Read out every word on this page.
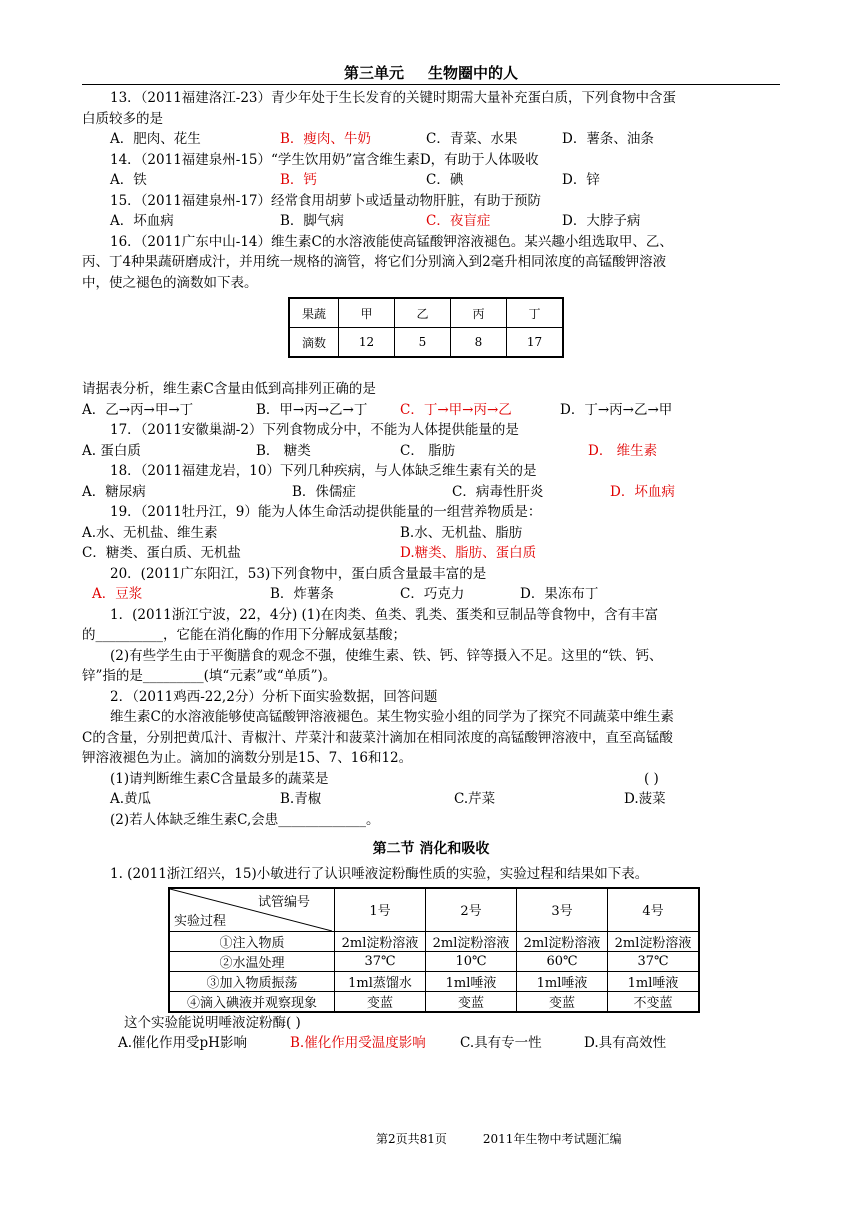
第三单元 生物圈中的人
13．（2011福建洛江-23）青少年处于生长发育的关键时期需大量补充蛋白质，下列食物中含蛋
白质较多的是
A．肥肉、花生	B．瘦肉、牛奶	C．青菜、水果	D．薯条、油条
14．（2011福建泉州-15）“学生饮用奶”富含维生素D，有助于人体吸收
A．铁	B．钙	C．碘	D．锌
15．（2011福建泉州-17）经常食用胡萝卜或适量动物肝脏，有助于预防
A．坏血病	B．脚气病	C．夜盲症	D．大脖子病
16．（2011广东中山-14）维生素C的水溶液能使高锰酸钾溶液褪色。某兴趣小组选取甲、乙、
丙、丁4种果蔬研磨成汁，并用统一规格的滴管，将它们分别滴入到2毫升相同浓度的高锰酸钾溶液
中，使之褪色的滴数如下表。
果蔬	甲	乙	丙	丁
滴数	12	5	8	17
请据表分析，维生素C含量由低到高排列正确的是
A．乙→丙→甲→丁	B．甲→丙→乙→丁 C．丁→甲→丙→乙	D．丁→丙→乙→甲
17．（2011安徽巢湖-2）下列食物成分中，不能为人体提供能量的是
A. 蛋白质	B． 糖类	C． 脂肪	D． 维生素
18．（2011福建龙岩，10）下列几种疾病，与人体缺乏维生素有关的是
A．糖尿病	B．侏儒症	C．病毒性肝炎	D．坏血病
19．（2011牡丹江，9）能为人体生命活动提供能量的一组营养物质是：
A.水、无机盐、维生素	B.水、无机盐、脂肪
C．糖类、蛋白质、无机盐	D.糖类、脂肪、蛋白质
20．(2011广东阳江，53)下列食物中，蛋白质含量最丰富的是
A．豆浆	B．炸薯条	C．巧克力	D．果冻布丁
1．(2011浙江宁波，22，4分) (1)在肉类、鱼类、乳类、蛋类和豆制品等食物中，含有丰富
的__________，它能在消化酶的作用下分解成氨基酸；
(2)有些学生由于平衡膳食的观念不强，使维生素、铁、钙、锌等摄入不足。这里的“铁、钙、
锌”指的是_________(填“元素”或“单质”)。
2．（2011鸡西-22,2分）分析下面实验数据，回答问题
维生素C的水溶液能够使高锰酸钾溶液褪色。某生物实验小组的同学为了探究不同蔬菜中维生素
C的含量，分别把黄瓜汁、青椒汁、芹菜汁和菠菜汁滴加在相同浓度的高锰酸钾溶液中，直至高锰酸
钾溶液褪色为止。滴加的滴数分别是15、7、16和12。
(1)请判断维生素C含量最多的蔬菜是	( )
A.黄瓜	B.青椒	C.芹菜	D.菠菜
(2)若人体缺乏维生素C,会患_____________。
第二节 消化和吸收
1. (2011浙江绍兴，15)小敏进行了认识唾液淀粉酶性质的实验，实验过程和结果如下表。
试管编号
实验过程	1号	2号	3号	4号
①注入物质	2ml淀粉溶液	2ml淀粉溶液	2ml淀粉溶液	2ml淀粉溶液
②水温处理	37℃	10℃	60℃	37℃
③加入物质振荡	1ml蒸馏水	1ml唾液	1ml唾液	1ml唾液
④滴入碘液并观察现象	变蓝	变蓝	变蓝	不变蓝
这个实验能说明唾液淀粉酶( )
A.催化作用受pH影响	B.催化作用受温度影响	C.具有专一性	D.具有高效性
第2页共81页	2011年生物中考试题汇编
